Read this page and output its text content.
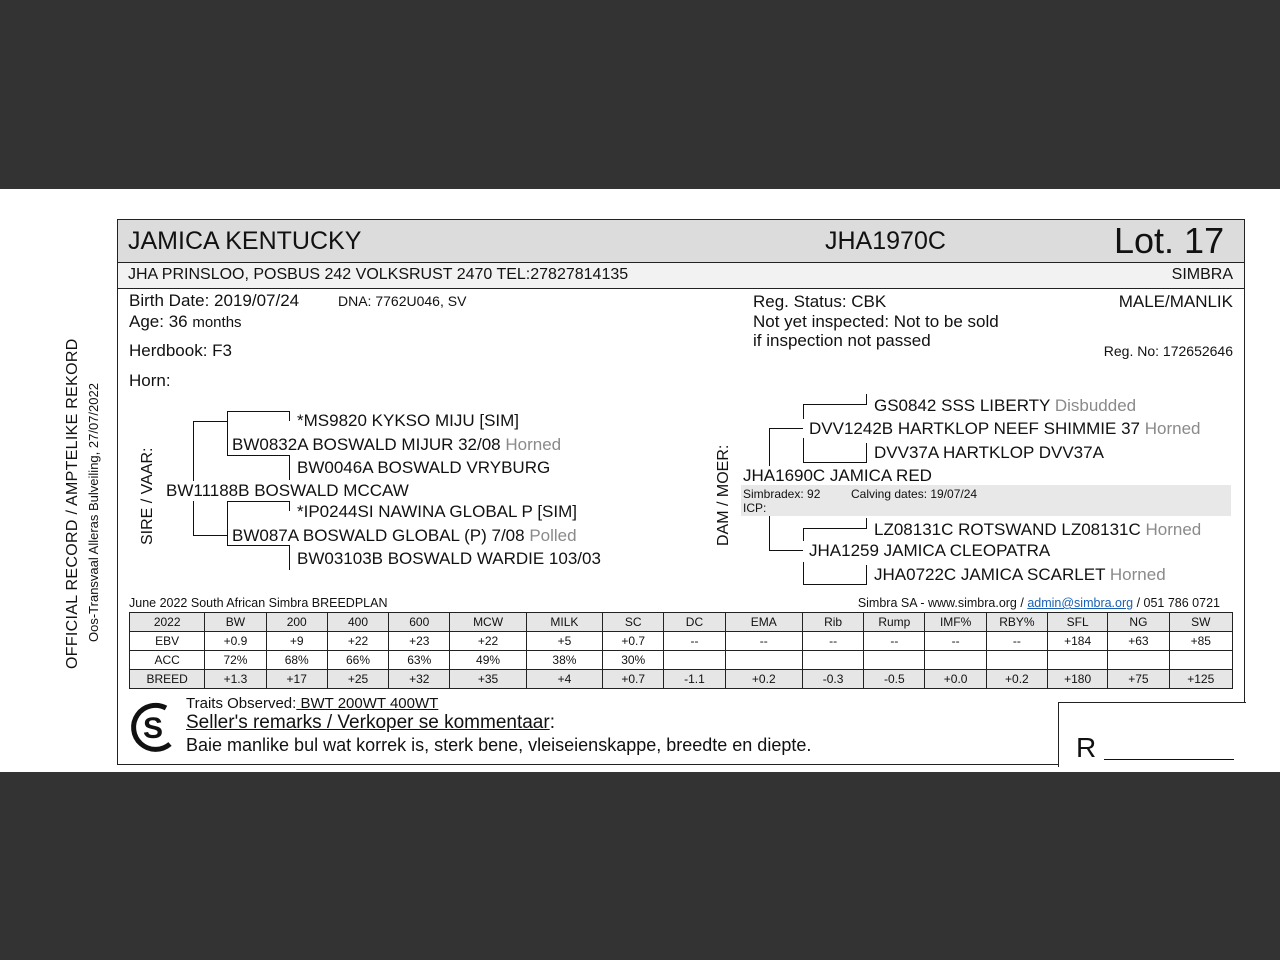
OFFICIAL RECORD / AMPTELIKE REKORD Oos-Transvaal Alleras Bulveiling, 27/07/2022
JAMICA KENTUCKY	JHA1970C	Lot. 17
JHA PRINSLOO, POSBUS 242 VOLKSRUST 2470 TEL:27827814135	SIMBRA
Birth Date: 2019/07/24	DNA: 7762U046, SV
Age: 36 months
Herdbook: F3
Horn:
Reg. Status: CBK
Not yet inspected: Not to be sold
if inspection not passed
MALE/MANLIK
Reg. No: 172652646
SIRE / VAAR: BW11188B BOSWALD MCCAW
BW0832A BOSWALD MIJUR 32/08 Horned
*MS9820 KYKSO MIJU [SIM]
BW0046A BOSWALD VRYBURG
BW087A BOSWALD GLOBAL (P) 7/08 Polled
*IP0244SI NAWINA GLOBAL P [SIM]
BW03103B BOSWALD WARDIE 103/03
DAM / MOER:
GS0842 SSS LIBERTY Disbudded
DVV1242B HARTKLOP NEEF SHIMMIE 37 Horned
DVV37A HARTKLOP DVV37A
JHA1690C JAMICA RED
Simbradex: 92	Calving dates: 19/07/24
ICP:
LZ08131C ROTSWAND LZ08131C Horned
JHA1259 JAMICA CLEOPATRA
JHA0722C JAMICA SCARLET Horned
June 2022 South African Simbra BREEDPLAN	Simbra SA - www.simbra.org / admin@simbra.org / 051 786 0721
2022	BW	200	400	600	MCW	MILK	SC	DC	EMA	Rib	Rump	IMF%	RBY%	SFL	NG	SW
EBV	+0.9	+9	+22	+23	+22	+5	+0.7	--	--	--	--	--	--	+184	+63	+85
ACC	72%	68%	66%	63%	49%	38%	30%									
BREED	+1.3	+17	+25	+32	+35	+4	+0.7	-1.1	+0.2	-0.3	-0.5	+0.0	+0.2	+180	+75	+125
S
Traits Observed: BWT 200WT 400WT
Seller's remarks / Verkoper se kommentaar:
Baie manlike bul wat korrek is, sterk bene, vleiseienskappe, breedte en diepte.	R
